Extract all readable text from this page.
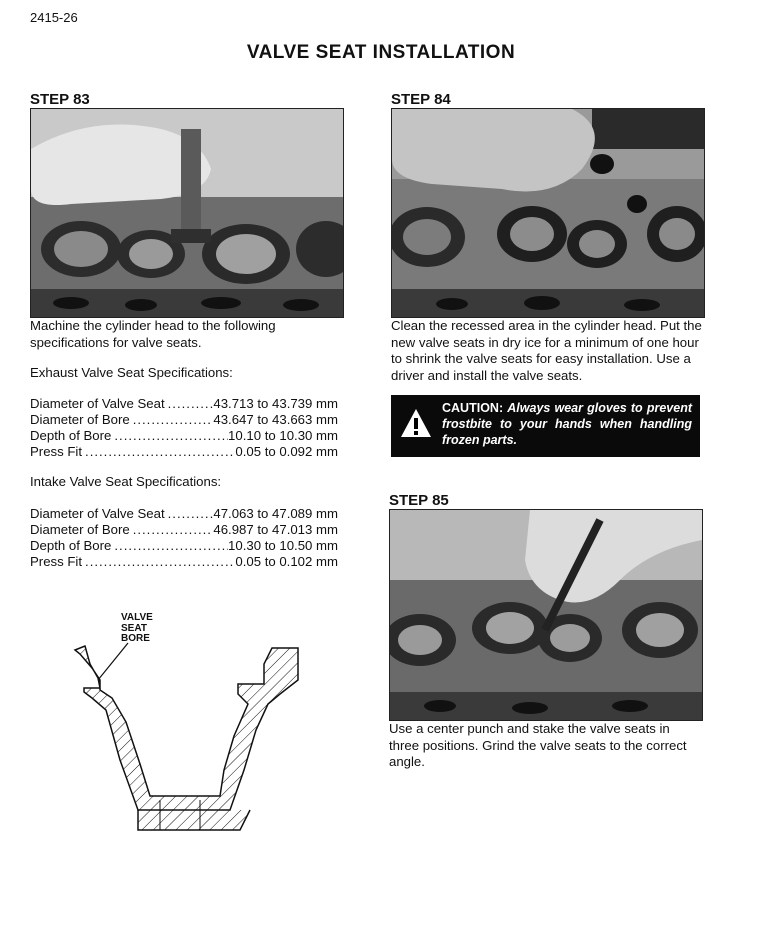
2415-26
VALVE SEAT INSTALLATION
STEP 83
Machine the cylinder head to the following specifications for valve seats.
Exhaust Valve Seat Specifications:
Diameter of Valve Seat .....	43.713 to 43.739 mm
Diameter of Bore .....	43.647 to 43.663 mm
Depth of Bore .....	10.10 to 10.30 mm
Press Fit .....	0.05 to 0.092 mm
Intake Valve Seat Specifications:
Diameter of Valve Seat .....	47.063 to 47.089 mm
Diameter of Bore .....	46.987 to 47.013 mm
Depth of Bore .....	10.30 to 10.50 mm
Press Fit .....	0.05 to 0.102 mm
VALVE
SEAT
BORE
STEP 84
Clean the recessed area in the cylinder head. Put the new valve seats in dry ice for a minimum of one hour to shrink the valve seats for easy installation. Use a driver and install the valve seats.
CAUTION: Always wear gloves to prevent frostbite to your hands when handling frozen parts.
STEP 85
Use a center punch and stake the valve seats in three positions. Grind the valve seats to the correct angle.
